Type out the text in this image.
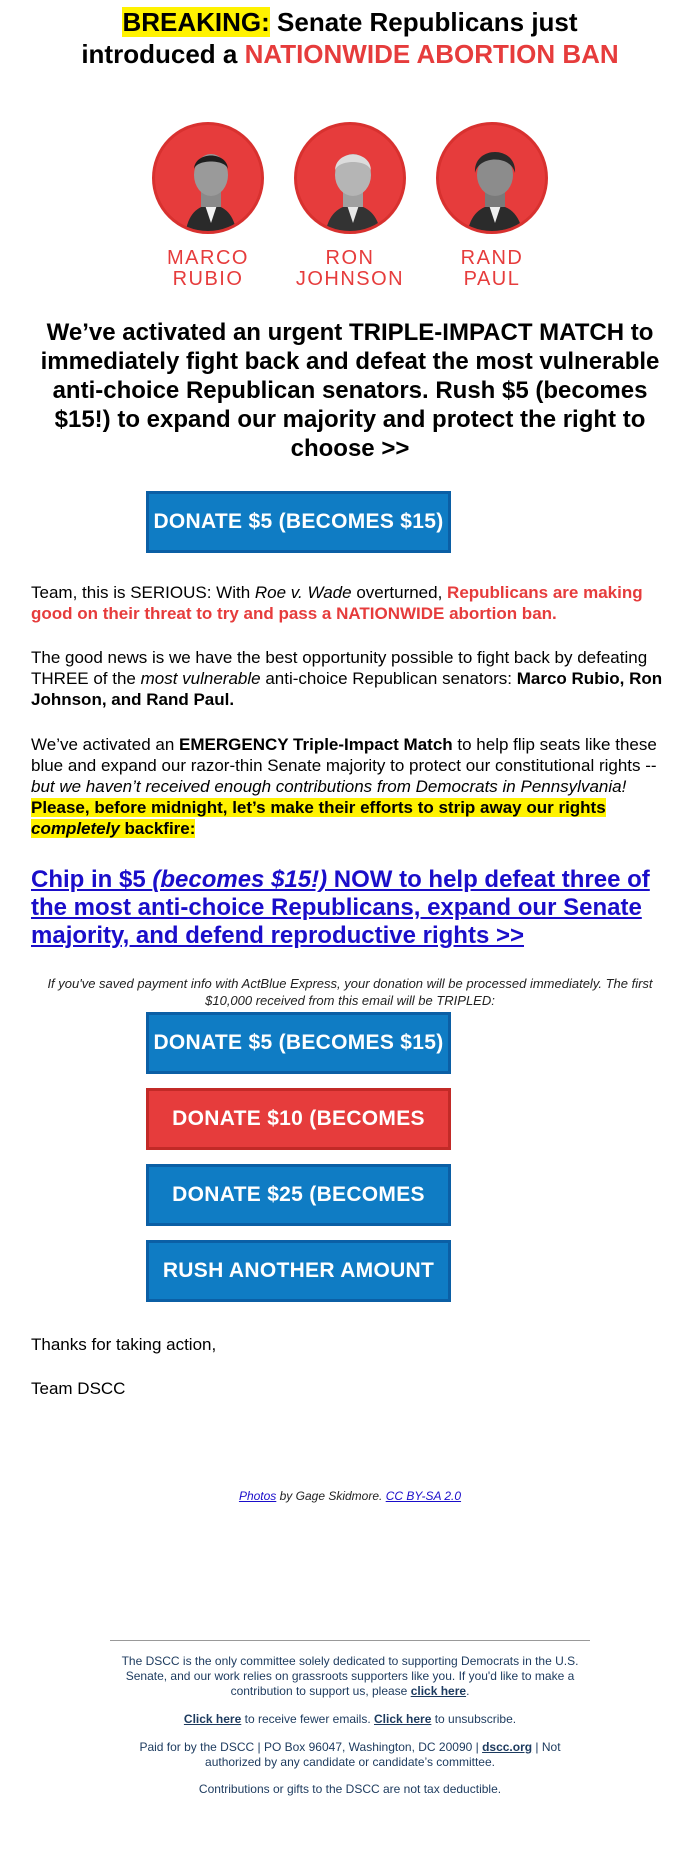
BREAKING: Senate Republicans just
introduced a NATIONWIDE ABORTION BAN
MARCO
RUBIO
RON
JOHNSON
RAND
PAUL
We’ve activated an urgent TRIPLE-IMPACT MATCH to immediately fight back and defeat the most vulnerable anti-choice Republican senators. Rush $5 (becomes $15!) to expand our majority and protect the right to choose >>
DONATE $5 (BECOMES $15)
Team, this is SERIOUS: With Roe v. Wade overturned, Republicans are making good on their threat to try and pass a NATIONWIDE abortion ban.
The good news is we have the best opportunity possible to fight back by defeating THREE of the most vulnerable anti-choice Republican senators: Marco Rubio, Ron Johnson, and Rand Paul.
We’ve activated an EMERGENCY Triple-Impact Match to help flip seats like these blue and expand our razor-thin Senate majority to protect our constitutional rights -- but we haven’t received enough contributions from Democrats in Pennsylvania! Please, before midnight, let’s make their efforts to strip away our rights completely backfire:
Chip in $5 (becomes $15!) NOW to help defeat three of the most anti-choice Republicans, expand our Senate majority, and defend reproductive rights >>
If you've saved payment info with ActBlue Express, your donation will be processed immediately. The first $10,000 received from this email will be TRIPLED:
DONATE $5 (BECOMES $15)
DONATE $10 (BECOMES
DONATE $25 (BECOMES
RUSH ANOTHER AMOUNT
Thanks for taking action,
Team DSCC
Photos by Gage Skidmore. CC BY-SA 2.0
The DSCC is the only committee solely dedicated to supporting Democrats in the U.S. Senate, and our work relies on grassroots supporters like you. If you'd like to make a contribution to support us, please click here.
Click here to receive fewer emails. Click here to unsubscribe.
Paid for by the DSCC | PO Box 96047, Washington, DC 20090 | dscc.org | Not authorized by any candidate or candidate’s committee.
Contributions or gifts to the DSCC are not tax deductible.
